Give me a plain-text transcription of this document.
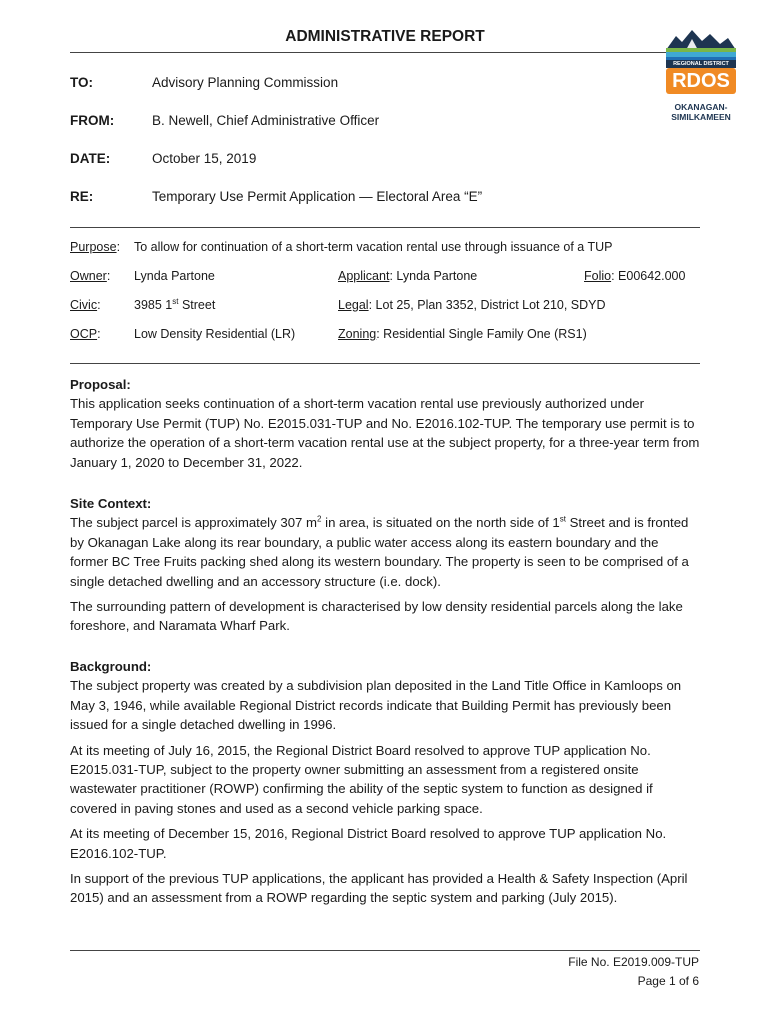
ADMINISTRATIVE REPORT
REGIONAL DISTRICT
RDOS
OKANAGAN-
SIMILKAMEEN
TO:	Advisory Planning Commission
FROM:	B. Newell, Chief Administrative Officer
DATE:	October 15, 2019
RE:	Temporary Use Permit Application — Electoral Area “E”
Purpose: To allow for continuation of a short-term vacation rental use through issuance of a TUP
Owner: Lynda Partone	Applicant: Lynda Partone	Folio: E00642.000
Civic:	3985 1st Street	Legal: Lot 25, Plan 3352, District Lot 210, SDYD
OCP:	Low Density Residential (LR)	Zoning: Residential Single Family One (RS1)
Proposal:

This application seeks continuation of a short-term vacation rental use previously authorized under Temporary Use Permit (TUP) No. E2015.031-TUP and No. E2016.102-TUP. The temporary use permit is to authorize the operation of a short-term vacation rental use at the subject property, for a three-year term from January 1, 2020 to December 31, 2022.

Site Context:

The subject parcel is approximately 307 $m^2$ in area, is situated on the north side of 1st Street and is fronted by Okanagan Lake along its rear boundary, a public water access along its eastern boundary and the former BC Tree Fruits packing shed along its western boundary. The property is seen to be comprised of a single detached dwelling and an accessory structure (i.e. dock).

The surrounding pattern of development is characterised by low density residential parcels along the lake foreshore, and Naramata Wharf Park.

Background:

The subject property was created by a subdivision plan deposited in the Land Title Office in Kamloops on May 3, 1946, while available Regional District records indicate that Building Permit has previously been issued for a single detached dwelling in 1996.

At its meeting of July 16, 2015, the Regional District Board resolved to approve TUP application No. E2015.031-TUP, subject to the property owner submitting an assessment from a registered onsite wastewater practitioner (ROWP) confirming the ability of the septic system to function as designed if covered in paving stones and used as a second vehicle parking space.

At its meeting of December 15, 2016, Regional District Board resolved to approve TUP application No. E2016.102-TUP.

In support of the previous TUP applications, the applicant has provided a Health & Safety Inspection (April 2015) and an assessment from a ROWP regarding the septic system and parking (July 2015).

File No. E2019.009-TUP
Page 1 of 6
